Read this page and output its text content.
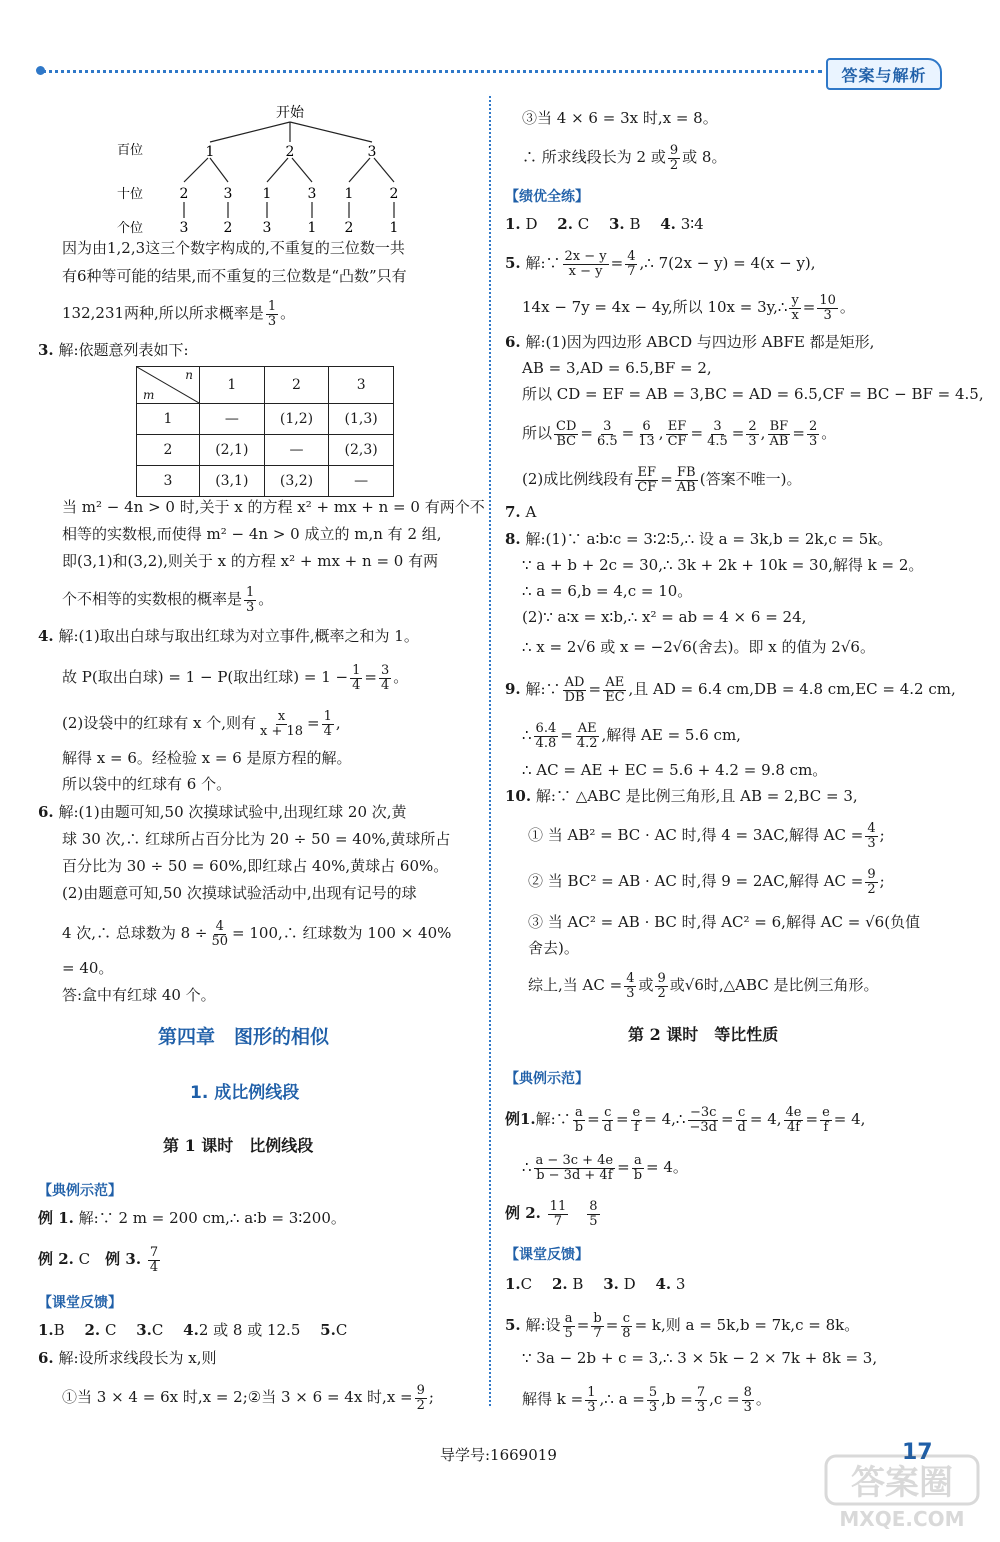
答案与解析
开始
百位
十位
个位
1	2	3
2	3 1	3 1	2
3	2 3	1 2	1
因为由1,2,3这三个数字构成的,不重复的三位数一共
有6种等可能的结果,而不重复的三位数是“凸数”只有
132,231两种,所以所求概率是 $\frac{1}{3}$ 。
3. 解:依题意列表如下:
n
m	1	2	3
1	—	(1,2)	(1,3)
2	(2,1)	—	(2,3)
3	(3,1)	(3,2)	—
当 m² − 4n > 0 时,关于 x 的方程 x² + mx + n = 0 有两个不
相等的实数根,而使得 m² − 4n > 0 成立的 m,n 有 2 组,
即(3,1)和(3,2),则关于 x 的方程 x² + mx + n = 0 有两
个不相等的实数根的概率是 $\frac{1}{3}$ 。
4. 解:(1)取出白球与取出红球为对立事件,概率之和为 1。
故 P(取出白球) = 1 − P(取出红球) = $1 - \frac{1}{4} = \frac{3}{4}$ 。
(2)设袋中的红球有 x 个,则有 $\frac{x}{x + 18} = \frac{1}{4}$ ,
解得 x = 6。经检验 x = 6 是原方程的解。
所以袋中的红球有 6 个。
6. 解:(1)由题可知,50 次摸球试验中,出现红球 20 次,黄
球 30 次,∴ 红球所占百分比为 20 ÷ 50 = 40%,黄球所占
百分比为 30 ÷ 50 = 60%,即红球占 40%,黄球占 60%。
(2)由题意可知,50 次摸球试验活动中,出现有记号的球
4 次,∴ 总球数为 $8 \div \frac{4}{50}$ = 100,∴ 红球数为 100 × 40%
= 40。
答:盒中有红球 40 个。
第四章　图形的相似
1. 成比例线段
第 1 课时　比例线段
【典例示范】
例 1. 解:∵ 2 m = 200 cm,∴ a∶b = 3∶200。
例 2. C　 例 3. $\frac{7}{4}$
【课堂反馈】
1.B　 2. C　 3.C　 4.2 或 8 或 12.5　 5.C
6. 解:设所求线段长为 x,则
①当 3 × 4 = 6x 时,x = 2;②当 3 × 6 = 4x 时$,x = \frac{9}{2}$ ;
③当 4 × 6 = 3x 时,x = 8。
∴ 所求线段长为 2 或 $\frac{9}{2}$ 或 8。
【绩优全练】
1. D　 2. C　 3. B　 4. 3∶4
5. 解:∵ $\frac{2x - y}{x - y} = \frac{4}{7}$ ,∴ 7(2x − y) = 4(x − y),
14x − 7y = 4x − 4y,所以 10x = 3y,∴ $\frac{y}{x} = \frac{10}{3}$ 。
6. 解:(1)因为四边形 ABCD 与四边形 ABFE 都是矩形,
AB = 3,AD = 6.5,BF = 2,
所以 CD = EF = AB = 3,BC = AD = 6.5,CF = BC − BF = 4.5,
所以 $\frac{CD}{BC} = \frac{3}{6.5} = \frac{6}{13}$ , $\frac{EF}{CF} = \frac{3}{4.5} = \frac{2}{3}$ , $\frac{BF}{AB} = \frac{2}{3}$ 。
(2)成比例线段有 $\frac{EF}{CF} = \frac{FB}{AB}$ (答案不唯一)。
7. A
8. 解:(1)∵ a∶b∶c = 3∶2∶5,∴ 设 a = 3k,b = 2k,c = 5k。
∵ a + b + 2c = 30,∴ 3k + 2k + 10k = 30,解得 k = 2。
∴ a = 6,b = 4,c = 10。
(2)∵ a∶x = x∶b,∴ x² = ab = 4 × 6 = 24,
∴ x = 2√6 或 x = −2√6(舍去)。即 x 的值为 2√6。
9. 解:∵ $\frac{AD}{DB} = \frac{AE}{EC}$ ,且 AD = 6.4 cm,DB = 4.8 cm,EC = 4.2 cm,
∴ $\frac{6.4}{4.8} = \frac{AE}{4.2}$ ,解得 AE = 5.6 cm,
∴ AC = AE + EC = 5.6 + 4.2 = 9.8 cm。
10. 解:∵ △ABC 是比例三角形,且 AB = 2,BC = 3,
① 当 AB² = BC · AC 时,得 4 = 3AC,解得 AC = $\frac{4}{3}$ ;
② 当 BC² = AB · AC 时,得 9 = 2AC,解得 AC = $\frac{9}{2}$ ;
③ 当 AC² = AB · BC 时,得 AC² = 6,解得 AC = √6(负值
舍去)。
综上,当 AC = $\frac{4}{3}$ 或 $\frac{9}{2}$ 或√6时,△ABC 是比例三角形。
第 2 课时　等比性质
【典例示范】
例1.解:∵ $\frac{a}{b} = \frac{c}{d} = \frac{e}{f}$ = 4,∴ $\frac{-3c}{-3d} = \frac{c}{d} = 4$, $\frac{4e}{4f} = \frac{e}{f} = 4$,
∴ $\frac{a - 3c + 4e}{b - 3d + 4f} = \frac{a}{b} = 4$。
例 2. $\frac{11}{7}$
　 $\frac{8}{5}$
【课堂反馈】
1.C　 2. B　 3. D　 4. 3
5. 解:设 $\frac{a}{5} = \frac{b}{7} = \frac{c}{8} = k$,则 a = 5k,b = 7k,c = 8k。
∵ 3a − 2b + c = 3,∴ 3 × 5k − 2 × 7k + 8k = 3,
解得 $k = \frac{1}{3}$ ,∴ $a = \frac{5}{3} ,b = \frac{7}{3} ,c = \frac{8}{3}$ 。
导学号:1669019	17
答案圈
MXQE.COM
